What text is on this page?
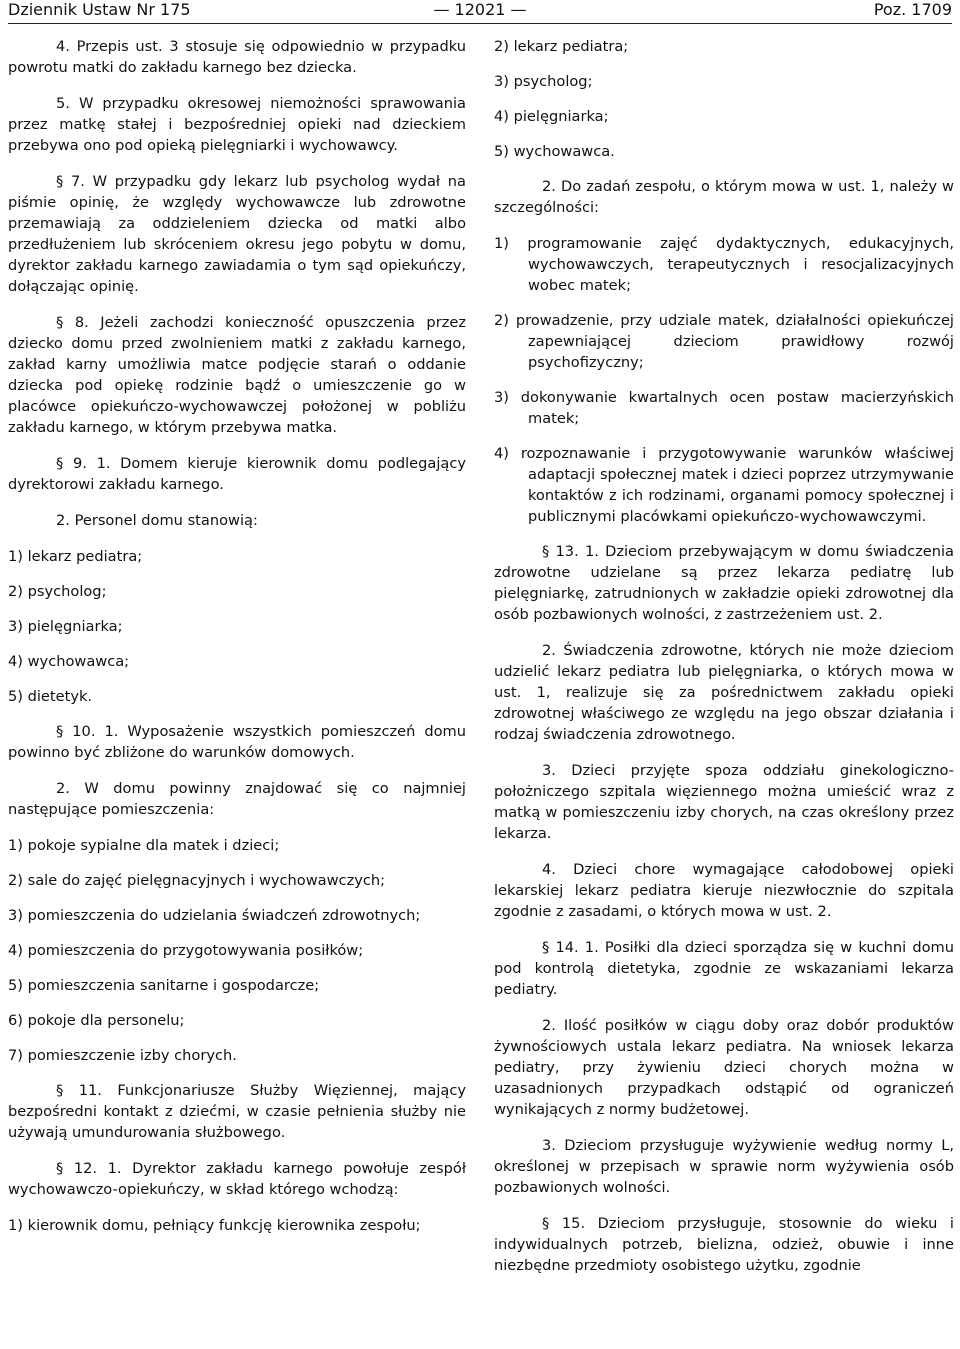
Dziennik Ustaw Nr 175	— 12021 —	Poz. 1709

4. Przepis ust. 3 stosuje się odpowiednio w przypadku powrotu matki do zakładu karnego bez dziecka.

5. W przypadku okresowej niemożności sprawowania przez matkę stałej i bezpośredniej opieki nad dzieckiem przebywa ono pod opieką pielęgniarki i wychowawcy.

§ 7. W przypadku gdy lekarz lub psycholog wydał na piśmie opinię, że względy wychowawcze lub zdrowotne przemawiają za oddzieleniem dziecka od matki albo przedłużeniem lub skróceniem okresu jego pobytu w domu, dyrektor zakładu karnego zawiadamia o tym sąd opiekuńczy, dołączając opinię.

§ 8. Jeżeli zachodzi konieczność opuszczenia przez dziecko domu przed zwolnieniem matki z zakładu karnego, zakład karny umożliwia matce podjęcie starań o oddanie dziecka pod opiekę rodzinie bądź o umieszczenie go w placówce opiekuńczo-wychowawczej położonej w pobliżu zakładu karnego, w którym przebywa matka.

§ 9. 1. Domem kieruje kierownik domu podlegający dyrektorowi zakładu karnego.

2. Personel domu stanowią:

1) lekarz pediatra;

2) psycholog;

3) pielęgniarka;

4) wychowawca;

5) dietetyk.

§ 10. 1. Wyposażenie wszystkich pomieszczeń domu powinno być zbliżone do warunków domowych.

2. W domu powinny znajdować się co najmniej następujące pomieszczenia:

1) pokoje sypialne dla matek i dzieci;

2) sale do zajęć pielęgnacyjnych i wychowawczych;

3) pomieszczenia do udzielania świadczeń zdrowotnych;

4) pomieszczenia do przygotowywania posiłków;

5) pomieszczenia sanitarne i gospodarcze;

6) pokoje dla personelu;

7) pomieszczenie izby chorych.

§ 11. Funkcjonariusze Służby Więziennej, mający bezpośredni kontakt z dziećmi, w czasie pełnienia służby nie używają umundurowania służbowego.

§ 12. 1. Dyrektor zakładu karnego powołuje zespół wychowawczo-opiekuńczy, w skład którego wchodzą:

1) kierownik domu, pełniący funkcję kierownika zespołu;

2) lekarz pediatra;

3) psycholog;

4) pielęgniarka;

5) wychowawca.

2. Do zadań zespołu, o którym mowa w ust. 1, należy w szczególności:

1) programowanie zajęć dydaktycznych, edukacyjnych, wychowawczych, terapeutycznych i resocjalizacyjnych wobec matek;

2) prowadzenie, przy udziale matek, działalności opiekuńczej zapewniającej dzieciom prawidłowy rozwój psychofizyczny;

3) dokonywanie kwartalnych ocen postaw macierzyńskich matek;

4) rozpoznawanie i przygotowywanie warunków właściwej adaptacji społecznej matek i dzieci poprzez utrzymywanie kontaktów z ich rodzinami, organami pomocy społecznej i publicznymi placówkami opiekuńczo-wychowawczymi.

§ 13. 1. Dzieciom przebywającym w domu świadczenia zdrowotne udzielane są przez lekarza pediatrę lub pielęgniarkę, zatrudnionych w zakładzie opieki zdrowotnej dla osób pozbawionych wolności, z zastrzeżeniem ust. 2.

2. Świadczenia zdrowotne, których nie może dzieciom udzielić lekarz pediatra lub pielęgniarka, o których mowa w ust. 1, realizuje się za pośrednictwem zakładu opieki zdrowotnej właściwego ze względu na jego obszar działania i rodzaj świadczenia zdrowotnego.

3. Dzieci przyjęte spoza oddziału ginekologiczno-położniczego szpitala więziennego można umieścić wraz z matką w pomieszczeniu izby chorych, na czas określony przez lekarza.

4. Dzieci chore wymagające całodobowej opieki lekarskiej lekarz pediatra kieruje niezwłocznie do szpitala zgodnie z zasadami, o których mowa w ust. 2.

§ 14. 1. Posiłki dla dzieci sporządza się w kuchni domu pod kontrolą dietetyka, zgodnie ze wskazaniami lekarza pediatry.

2. Ilość posiłków w ciągu doby oraz dobór produktów żywnościowych ustala lekarz pediatra. Na wniosek lekarza pediatry, przy żywieniu dzieci chorych można w uzasadnionych przypadkach odstąpić od ograniczeń wynikających z normy budżetowej.

3. Dzieciom przysługuje wyżywienie według normy L, określonej w przepisach w sprawie norm wyżywienia osób pozbawionych wolności.

§ 15. Dzieciom przysługuje, stosownie do wieku i indywidualnych potrzeb, bielizna, odzież, obuwie i inne niezbędne przedmioty osobistego użytku, zgodnie
